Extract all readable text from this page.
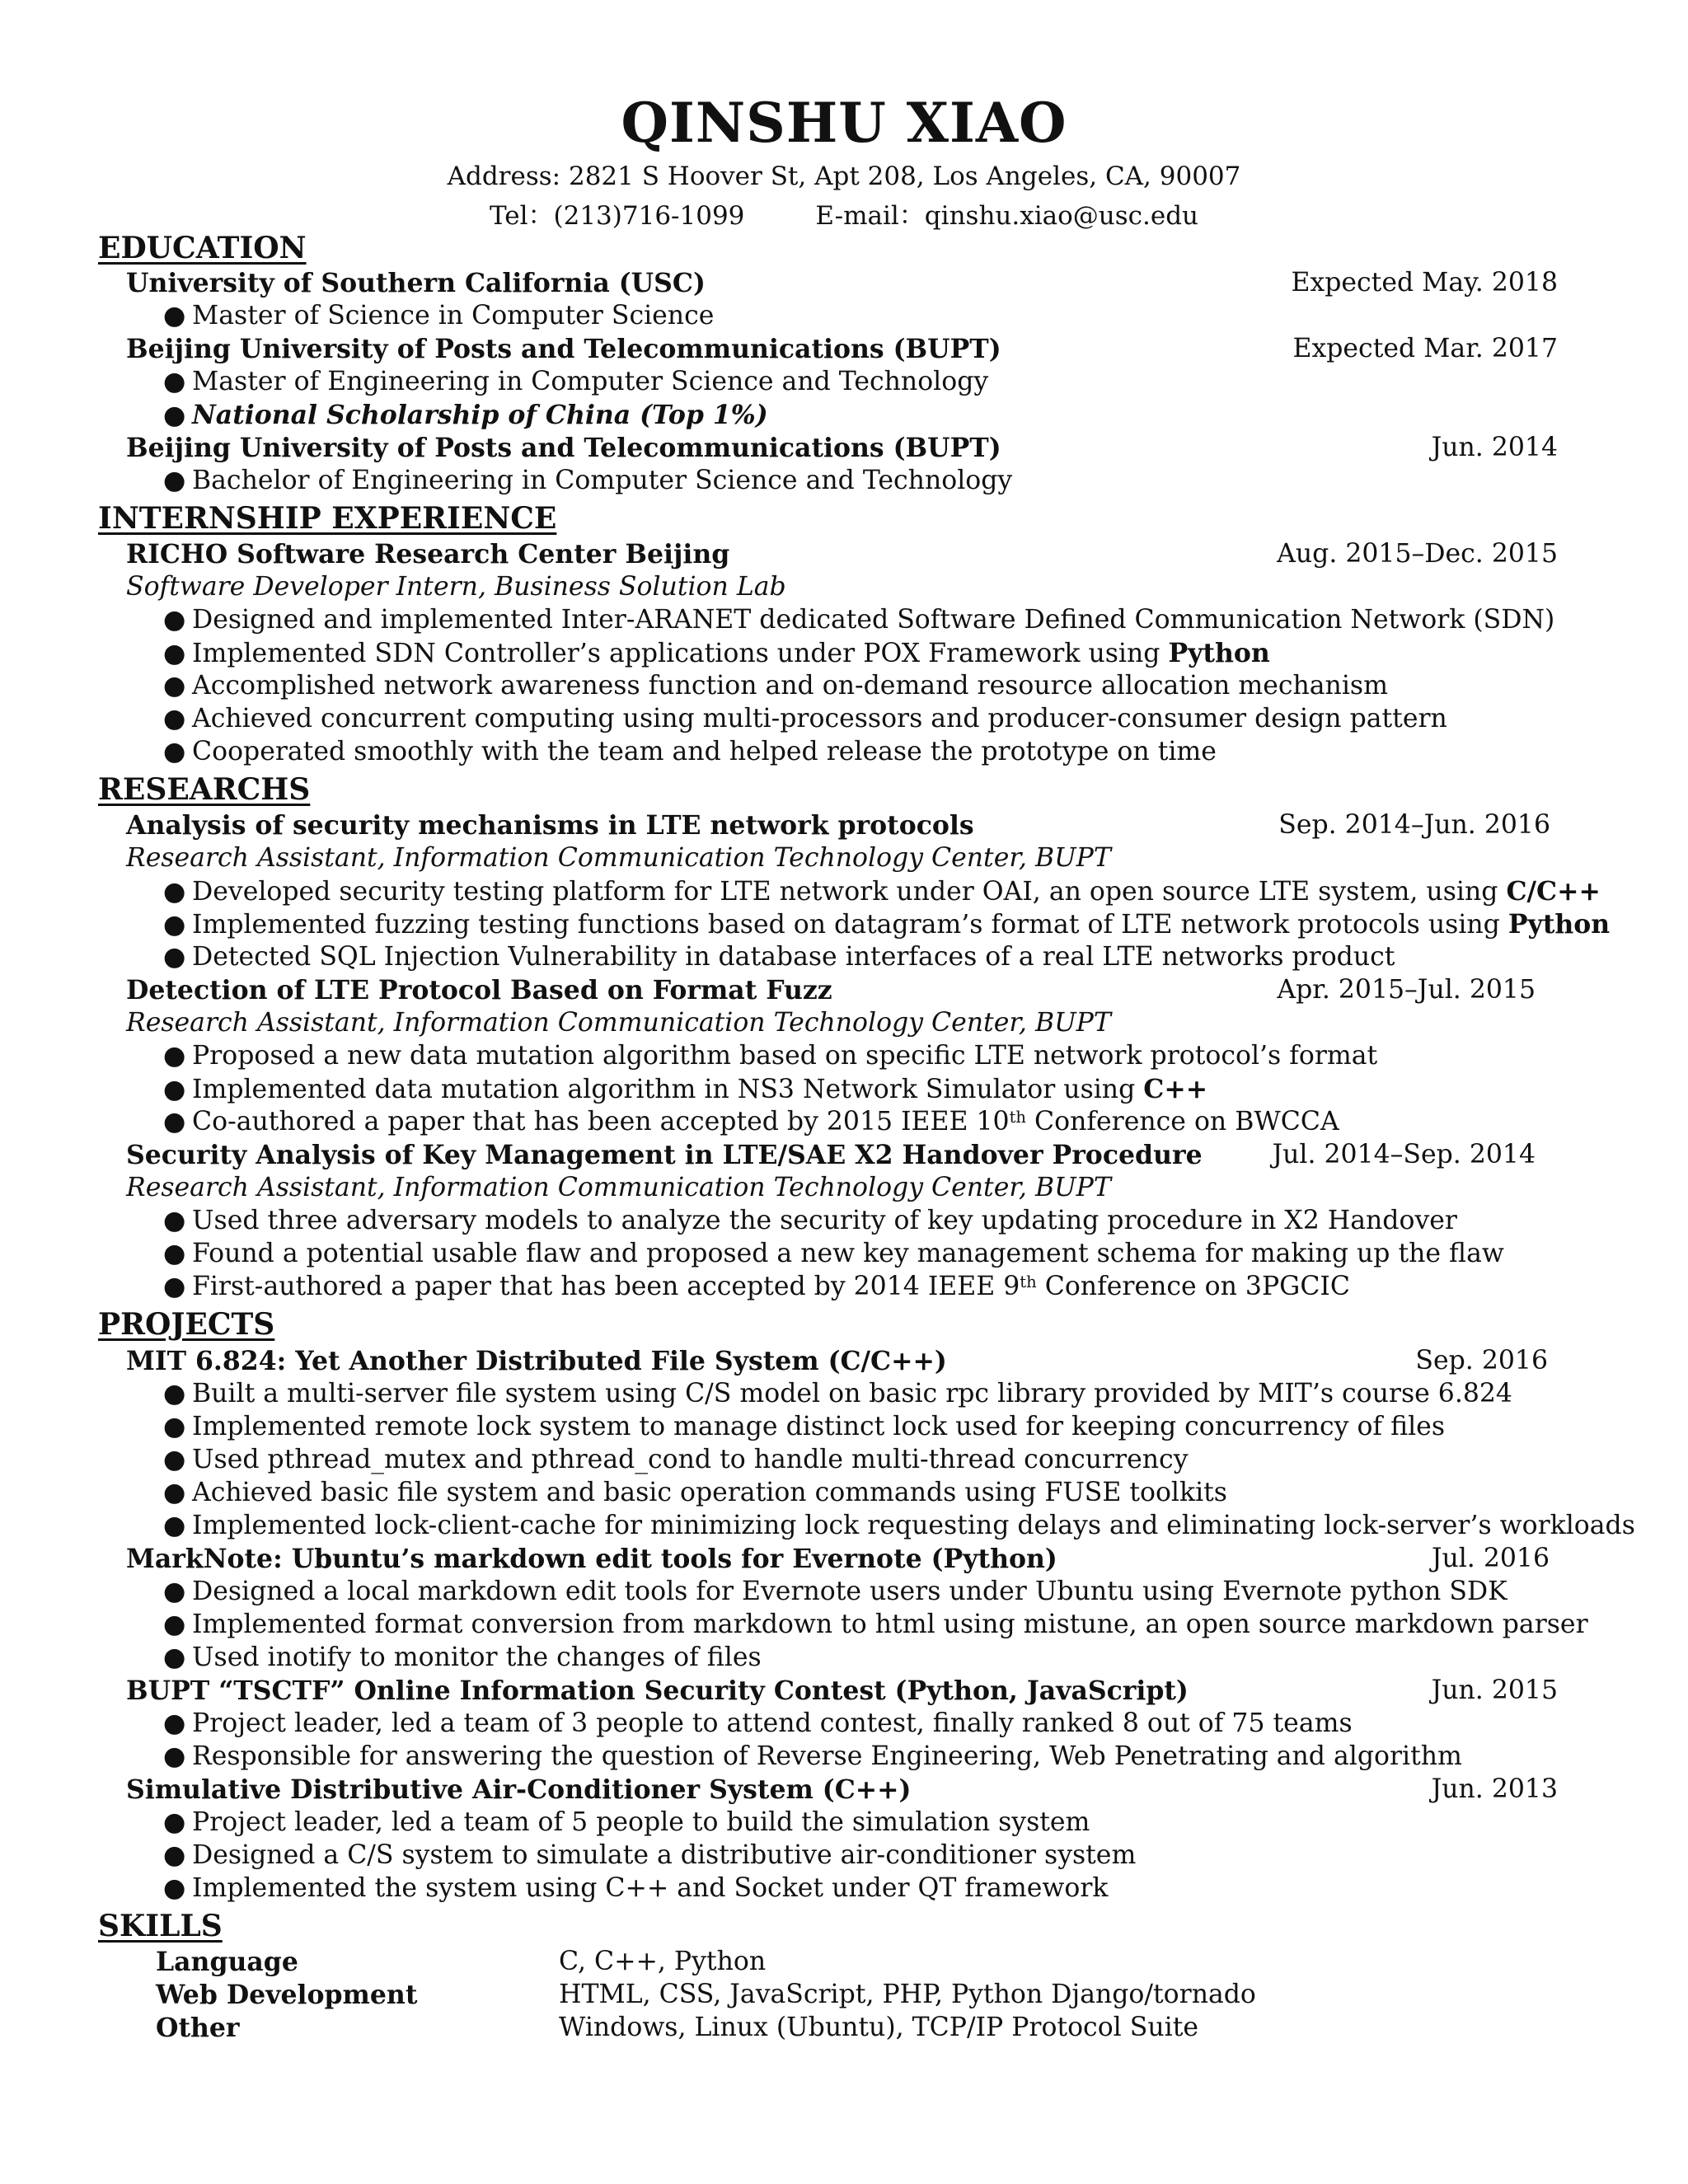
QINSHU XIAO
Address: 2821 S Hoover St, Apt 208, Los Angeles, CA, 90007
Tel：(213)716-1099	E-mail：qinshu.xiao@usc.edu
EDUCATION
University of Southern California (USC)	Expected May. 2018
● Master of Science in Computer Science
Beijing University of Posts and Telecommunications (BUPT)	Expected Mar. 2017
● Master of Engineering in Computer Science and Technology
● National Scholarship of China (Top 1%)
Beijing University of Posts and Telecommunications (BUPT)	Jun. 2014
● Bachelor of Engineering in Computer Science and Technology
INTERNSHIP EXPERIENCE
RICHO Software Research Center Beijing	Aug. 2015–Dec. 2015
Software Developer Intern, Business Solution Lab
● Designed and implemented Inter-ARANET dedicated Software Defined Communication Network (SDN)
● Implemented SDN Controller’s applications under POX Framework using Python
● Accomplished network awareness function and on-demand resource allocation mechanism
● Achieved concurrent computing using multi-processors and producer-consumer design pattern
● Cooperated smoothly with the team and helped release the prototype on time
RESEARCHS
Analysis of security mechanisms in LTE network protocols	Sep. 2014–Jun. 2016
Research Assistant, Information Communication Technology Center, BUPT
● Developed security testing platform for LTE network under OAI, an open source LTE system, using C/C++
● Implemented fuzzing testing functions based on datagram’s format of LTE network protocols using Python
● Detected SQL Injection Vulnerability in database interfaces of a real LTE networks product
Detection of LTE Protocol Based on Format Fuzz	Apr. 2015–Jul. 2015
Research Assistant, Information Communication Technology Center, BUPT
● Proposed a new data mutation algorithm based on specific LTE network protocol’s format
● Implemented data mutation algorithm in NS3 Network Simulator using C++
● Co-authored a paper that has been accepted by 2015 IEEE 10th Conference on BWCCA
Security Analysis of Key Management in LTE/SAE X2 Handover Procedure	Jul. 2014–Sep. 2014
Research Assistant, Information Communication Technology Center, BUPT
● Used three adversary models to analyze the security of key updating procedure in X2 Handover
● Found a potential usable flaw and proposed a new key management schema for making up the flaw
● First-authored a paper that has been accepted by 2014 IEEE 9th Conference on 3PGCIC
PROJECTS
MIT 6.824: Yet Another Distributed File System (C/C++)	Sep. 2016
● Built a multi-server file system using C/S model on basic rpc library provided by MIT’s course 6.824
● Implemented remote lock system to manage distinct lock used for keeping concurrency of files
● Used pthread_mutex and pthread_cond to handle multi-thread concurrency
● Achieved basic file system and basic operation commands using FUSE toolkits
● Implemented lock-client-cache for minimizing lock requesting delays and eliminating lock-server’s workloads
MarkNote: Ubuntu’s markdown edit tools for Evernote (Python)	Jul. 2016
● Designed a local markdown edit tools for Evernote users under Ubuntu using Evernote python SDK
● Implemented format conversion from markdown to html using mistune, an open source markdown parser
● Used inotify to monitor the changes of files
BUPT “TSCTF” Online Information Security Contest (Python, JavaScript)	Jun. 2015
● Project leader, led a team of 3 people to attend contest, finally ranked 8 out of 75 teams
● Responsible for answering the question of Reverse Engineering, Web Penetrating and algorithm
Simulative Distributive Air-Conditioner System (C++)	Jun. 2013
● Project leader, led a team of 5 people to build the simulation system
● Designed a C/S system to simulate a distributive air-conditioner system
● Implemented the system using C++ and Socket under QT framework
SKILLS
Language	C, C++, Python
Web Development	HTML, CSS, JavaScript, PHP, Python Django/tornado
Other	Windows, Linux (Ubuntu), TCP/IP Protocol Suite
